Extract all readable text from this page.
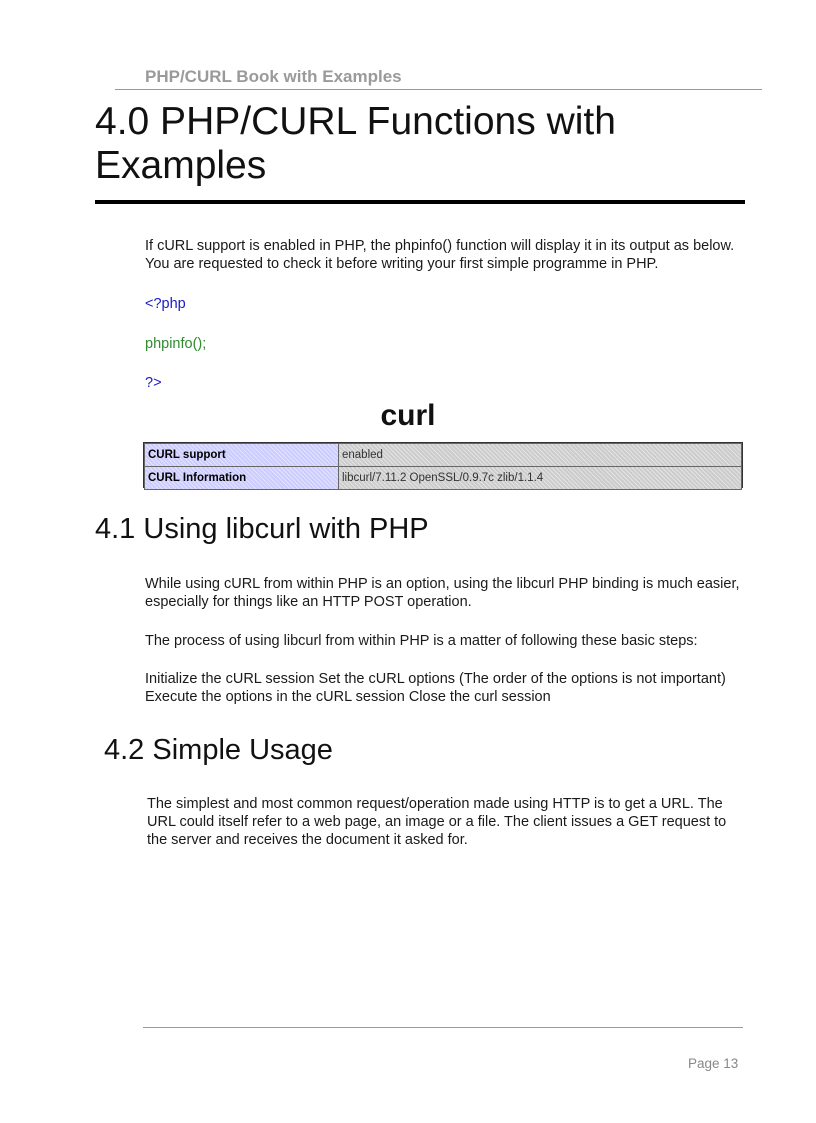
PHP/CURL Book with Examples
4.0 PHP/CURL Functions with Examples

If cURL support is enabled in PHP, the phpinfo() function will display it in its output as below. You are requested to check it before writing your first simple programme in PHP.

<?php
phpinfo();
?>
curl
CURL support	enabled
CURL Information	libcurl/7.11.2 OpenSSL/0.9.7c zlib/1.1.4
4.1 Using libcurl with PHP

While using cURL from within PHP is an option, using the libcurl PHP binding is much easier, especially for things like an HTTP POST operation.

The process of using libcurl from within PHP is a matter of following these basic steps:

Initialize the cURL session Set the cURL options (The order of the options is not important) Execute the options in the cURL session Close the curl session

4.2 Simple Usage

The simplest and most common request/operation made using HTTP is to get a URL. The URL could itself refer to a web page, an image or a file. The client issues a GET request to the server and receives the document it asked for.

Page 13
